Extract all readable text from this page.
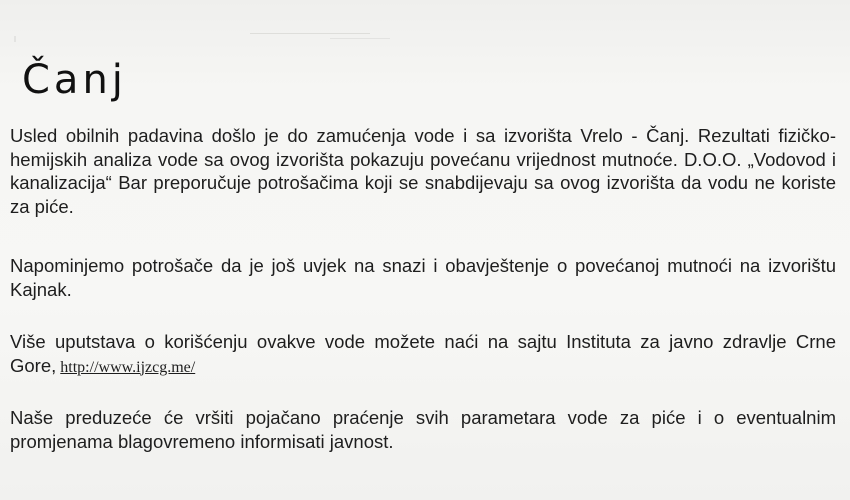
Čanj

Usled obilnih padavina došlo je do zamućenja vode i sa izvorišta Vrelo - Čanj. Rezultati fizičko-hemijskih analiza vode sa ovog izvorišta pokazuju povećanu vrijednost mutnoće. D.O.O. „Vodovod i kanalizacija“ Bar preporučuje potrošačima koji se snabdijevaju sa ovog izvorišta da vodu ne koriste za piće.

Napominjemo potrošače da je još uvjek na snazi i obavještenje o povećanoj mutnoći na izvorištu Kajnak.

Više uputstava o korišćenju ovakve vode možete naći na sajtu Instituta za javno zdravlje Crne Gore, http://www.ijzcg.me/

Naše preduzeće će vršiti pojačano praćenje svih parametara vode za piće i o eventualnim promjenama blagovremeno informisati javnost.
